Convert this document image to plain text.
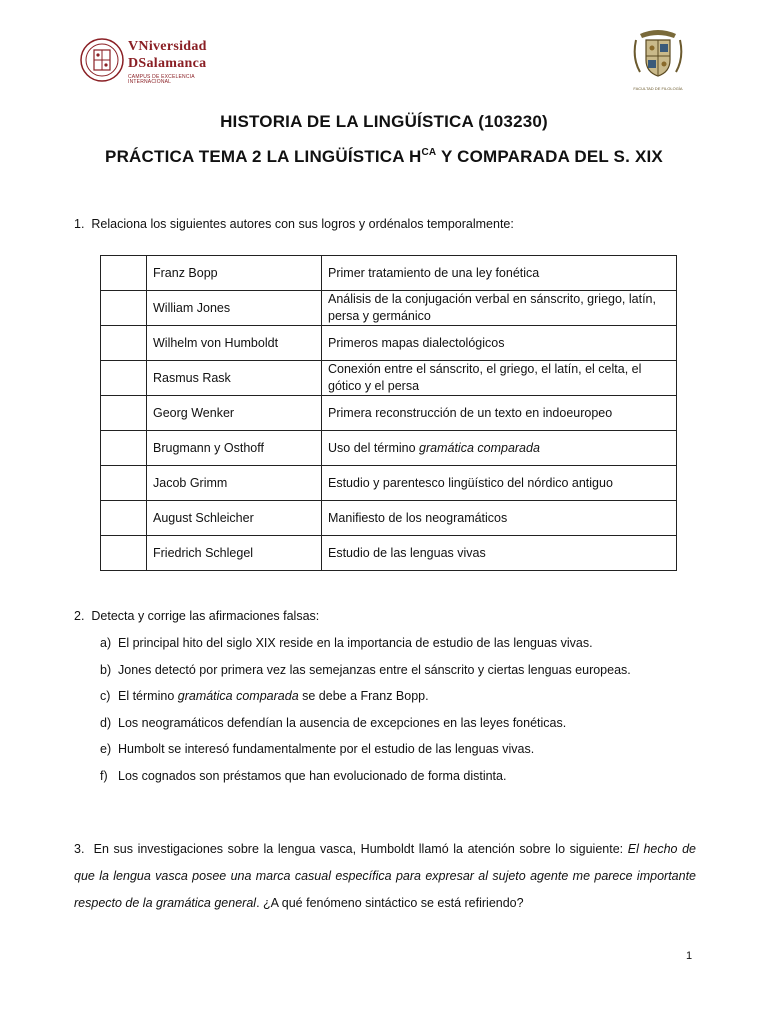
VNiversidad
DSalamanca
CAMPUS DE EXCELENCIA INTERNACIONAL
FACULTAD DE FILOLOGÍA
HISTORIA DE LA LINGÜÍSTICA (103230)
PRÁCTICA TEMA 2 LA LINGÜÍSTICA $H^{CA}$ Y COMPARADA DEL S. XIX
1. Relaciona los siguientes autores con sus logros y ordénalos temporalmente:
	Franz Bopp	Primer tratamiento de una ley fonética
	William Jones	Análisis de la conjugación verbal en sánscrito, griego, latín, persa y germánico
	Wilhelm von Humboldt	Primeros mapas dialectológicos
	Rasmus Rask	Conexión entre el sánscrito, el griego, el latín, el celta, el gótico y el persa
	Georg Wenker	Primera reconstrucción de un texto en indoeuropeo
	Brugmann y Osthoff	Uso del término gramática comparada
	Jacob Grimm	Estudio y parentesco lingüístico del nórdico antiguo
	August Schleicher	Manifiesto de los neogramáticos
	Friedrich Schlegel	Estudio de las lenguas vivas
2. Detecta y corrige las afirmaciones falsas:
a) El principal hito del siglo XIX reside en la importancia de estudio de las lenguas vivas.
b) Jones detectó por primera vez las semejanzas entre el sánscrito y ciertas lenguas europeas.
c) El término gramática comparada se debe a Franz Bopp.
d) Los neogramáticos defendían la ausencia de excepciones en las leyes fonéticas.
e) Humbolt se interesó fundamentalmente por el estudio de las lenguas vivas.
f) Los cognados son préstamos que han evolucionado de forma distinta.
3. En sus investigaciones sobre la lengua vasca, Humboldt llamó la atención sobre lo siguiente: El hecho de que la lengua vasca posee una marca casual específica para expresar al sujeto agente me parece importante respecto de la gramática general. ¿A qué fenómeno sintáctico se está refiriendo?
1
